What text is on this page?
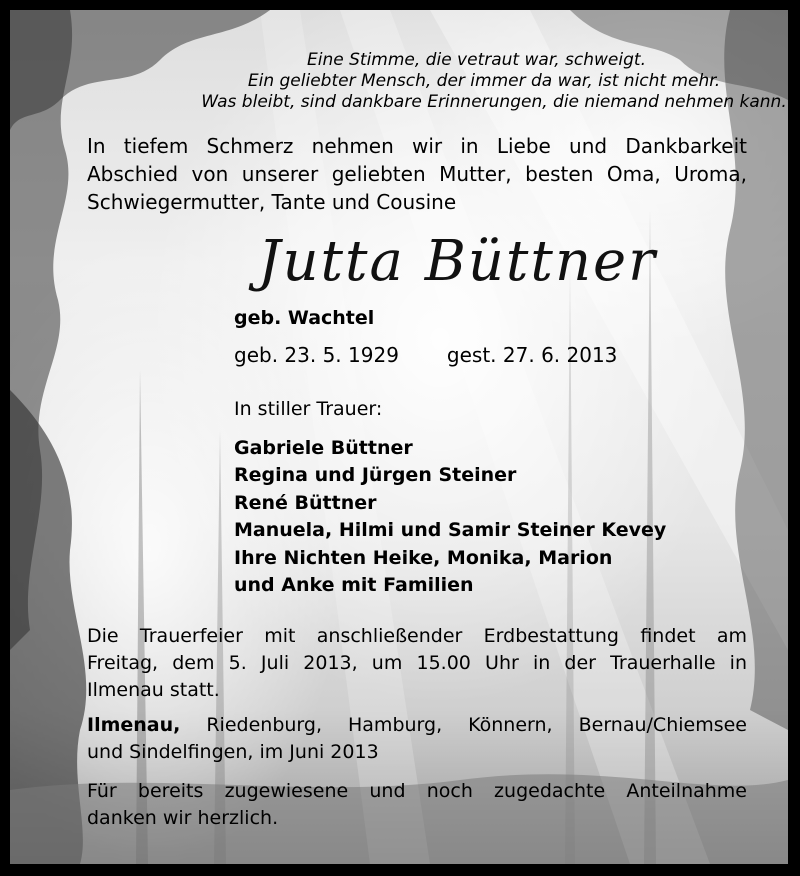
Eine Stimme, die vetraut war, schweigt.
Ein geliebter Mensch, der immer da war, ist nicht mehr.
Was bleibt, sind dankbare Erinnerungen, die niemand nehmen kann.
In tiefem Schmerz nehmen wir in Liebe und Dankbarkeit
Abschied von unserer geliebten Mutter, besten Oma, Uroma,
Schwiegermutter, Tante und Cousine
Jutta Büttner
geb. Wachtel
geb. 23. 5. 1929 gest. 27. 6. 2013
In stiller Trauer:
Gabriele Büttner
Regina und Jürgen Steiner
René Büttner
Manuela, Hilmi und Samir Steiner Kevey
Ihre Nichten Heike, Monika, Marion
und Anke mit Familien
Die Trauerfeier mit anschließender Erdbestattung findet am
Freitag, dem 5. Juli 2013, um 15.00 Uhr in der Trauerhalle in
Ilmenau statt.
Ilmenau, Riedenburg, Hamburg, Könnern, Bernau/Chiemsee
und Sindelfingen, im Juni 2013
Für bereits zugewiesene und noch zugedachte Anteilnahme
danken wir herzlich.
